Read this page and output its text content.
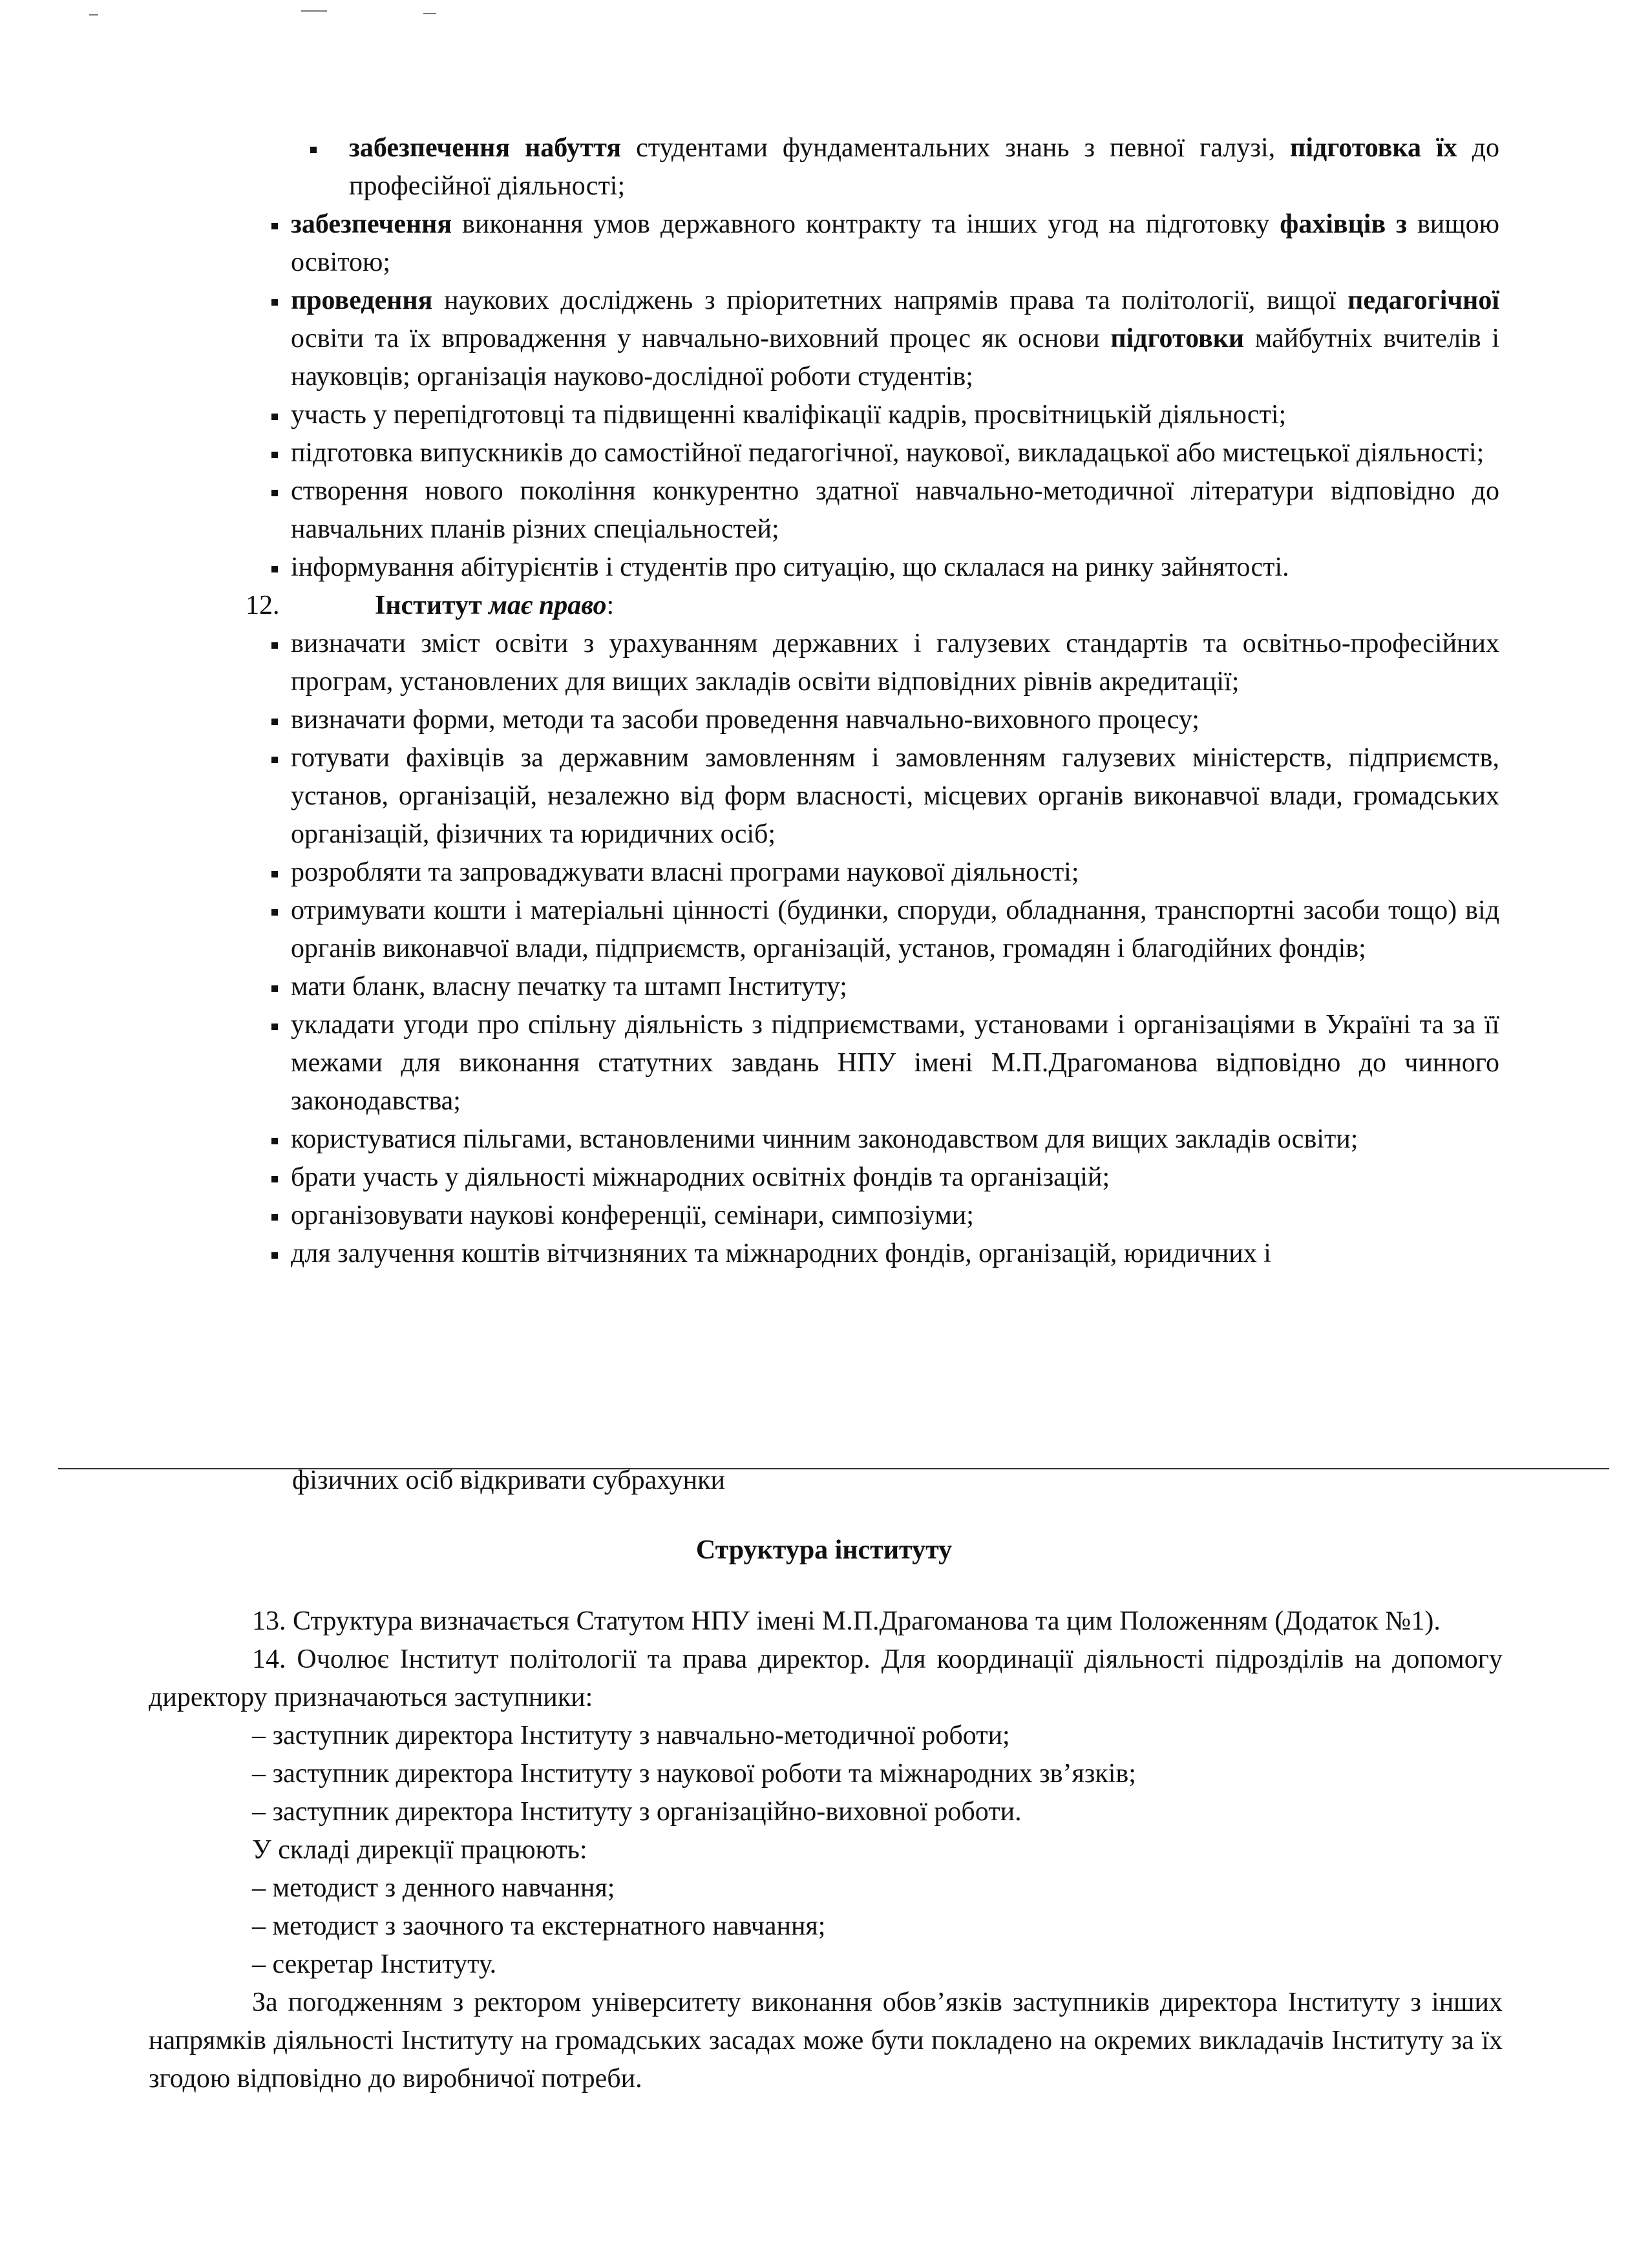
забезпечення набуття студентами фундаментальних знань з певної галузі, підготовка їх до професійної діяльності;

забезпечення виконання умов державного контракту та інших угод на підготовку фахівців з вищою освітою;

проведення наукових досліджень з пріоритетних напрямів права та політології, вищої педагогічної освіти та їх впровадження у навчально-виховний процес як основи підготовки майбутніх вчителів і науковців; організація науково-дослідної роботи студентів;

участь у перепідготовці та підвищенні кваліфікації кадрів, просвітницькій діяльності;

підготовка випускників до самостійної педагогічної, наукової, викладацької або мистецької діяльності;

створення нового покоління конкурентно здатної навчально-методичної літератури відповідно до навчальних планів різних спеціальностей;

інформування абітурієнтів і студентів про ситуацію, що склалася на ринку зайнятості.

12.	Інститут має право:

визначати зміст освіти з урахуванням державних і галузевих стандартів та освітньо-професійних програм, установлених для вищих закладів освіти відповідних рівнів акредитації;

визначати форми, методи та засоби проведення навчально-виховного процесу;

готувати фахівців за державним замовленням і замовленням галузевих міністерств, підприємств, установ, організацій, незалежно від форм власності, місцевих органів виконавчої влади, громадських організацій, фізичних та юридичних осіб;

розробляти та запроваджувати власні програми наукової діяльності;

отримувати кошти і матеріальні цінності (будинки, споруди, обладнання, транспортні засоби тощо) від органів виконавчої влади, підприємств, організацій, установ, громадян і благодійних фондів;

мати бланк, власну печатку та штамп Інституту;

укладати угоди про спільну діяльність з підприємствами, установами і організаціями в Україні та за її межами для виконання статутних завдань НПУ імені М.П.Драгоманова відповідно до чинного законодавства;

користуватися пільгами, встановленими чинним законодавством для вищих закладів освіти;

брати участь у діяльності міжнародних освітніх фондів та організацій;

організовувати наукові конференції, семінари, симпозіуми;

для залучення коштів вітчизняних та міжнародних фондів, організацій, юридичних і

фізичних осіб відкривати субрахунки
Структура інституту

13. Структура визначається Статутом НПУ імені М.П.Драгоманова та цим Положенням (Додаток №1).

14. Очолює Інститут політології та права директор. Для координації діяльності підрозділів на допомогу директору призначаються заступники:

– заступник директора Інституту з навчально-методичної роботи;

– заступник директора Інституту з наукової роботи та міжнародних зв’язків;

– заступник директора Інституту з організаційно-виховної роботи.

У складі дирекції працюють:

– методист з денного навчання;

– методист з заочного та екстернатного навчання;

– секретар Інституту.

За погодженням з ректором університету виконання обов’язків заступників директора Інституту з інших напрямків діяльності Інституту на громадських засадах може бути покладено на окремих викладачів Інституту за їх згодою відповідно до виробничої потреби.
